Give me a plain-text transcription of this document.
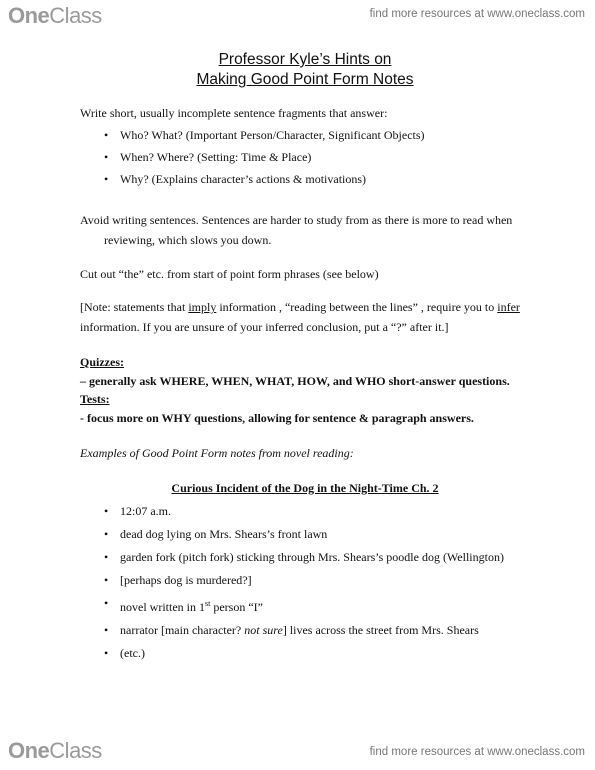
OneClass	find more resources at www.oneclass.com
Professor Kyle’s Hints on
Making Good Point Form Notes

Write short, usually incomplete sentence fragments that answer:

• Who? What? (Important Person/Character, Significant Objects)
• When? Where? (Setting: Time & Place)
• Why? (Explains character’s actions & motivations)

Avoid writing sentences. Sentences are harder to study from as there is more to read when
reviewing, which slows you down.

Cut out “the” etc. from start of point form phrases (see below)

[Note: statements that imply information , “reading between the lines” , require you to infer
information. If you are unsure of your inferred conclusion, put a “?” after it.]

Quizzes:

– generally ask WHERE, WHEN, WHAT, HOW, and WHO short-answer questions.

Tests:

- focus more on WHY questions, allowing for sentence & paragraph answers.

Examples of Good Point Form notes from novel reading:

Curious Incident of the Dog in the Night-Time Ch. 2

• 12:07 a.m.
• dead dog lying on Mrs. Shears’s front lawn
• garden fork (pitch fork) sticking through Mrs. Shears’s poodle dog (Wellington)
• [perhaps dog is murdered?]
• novel written in 1st person “I”
• narrator [main character? not sure] lives across the street from Mrs. Shears
• (etc.)
OneClass	find more resources at www.oneclass.com
